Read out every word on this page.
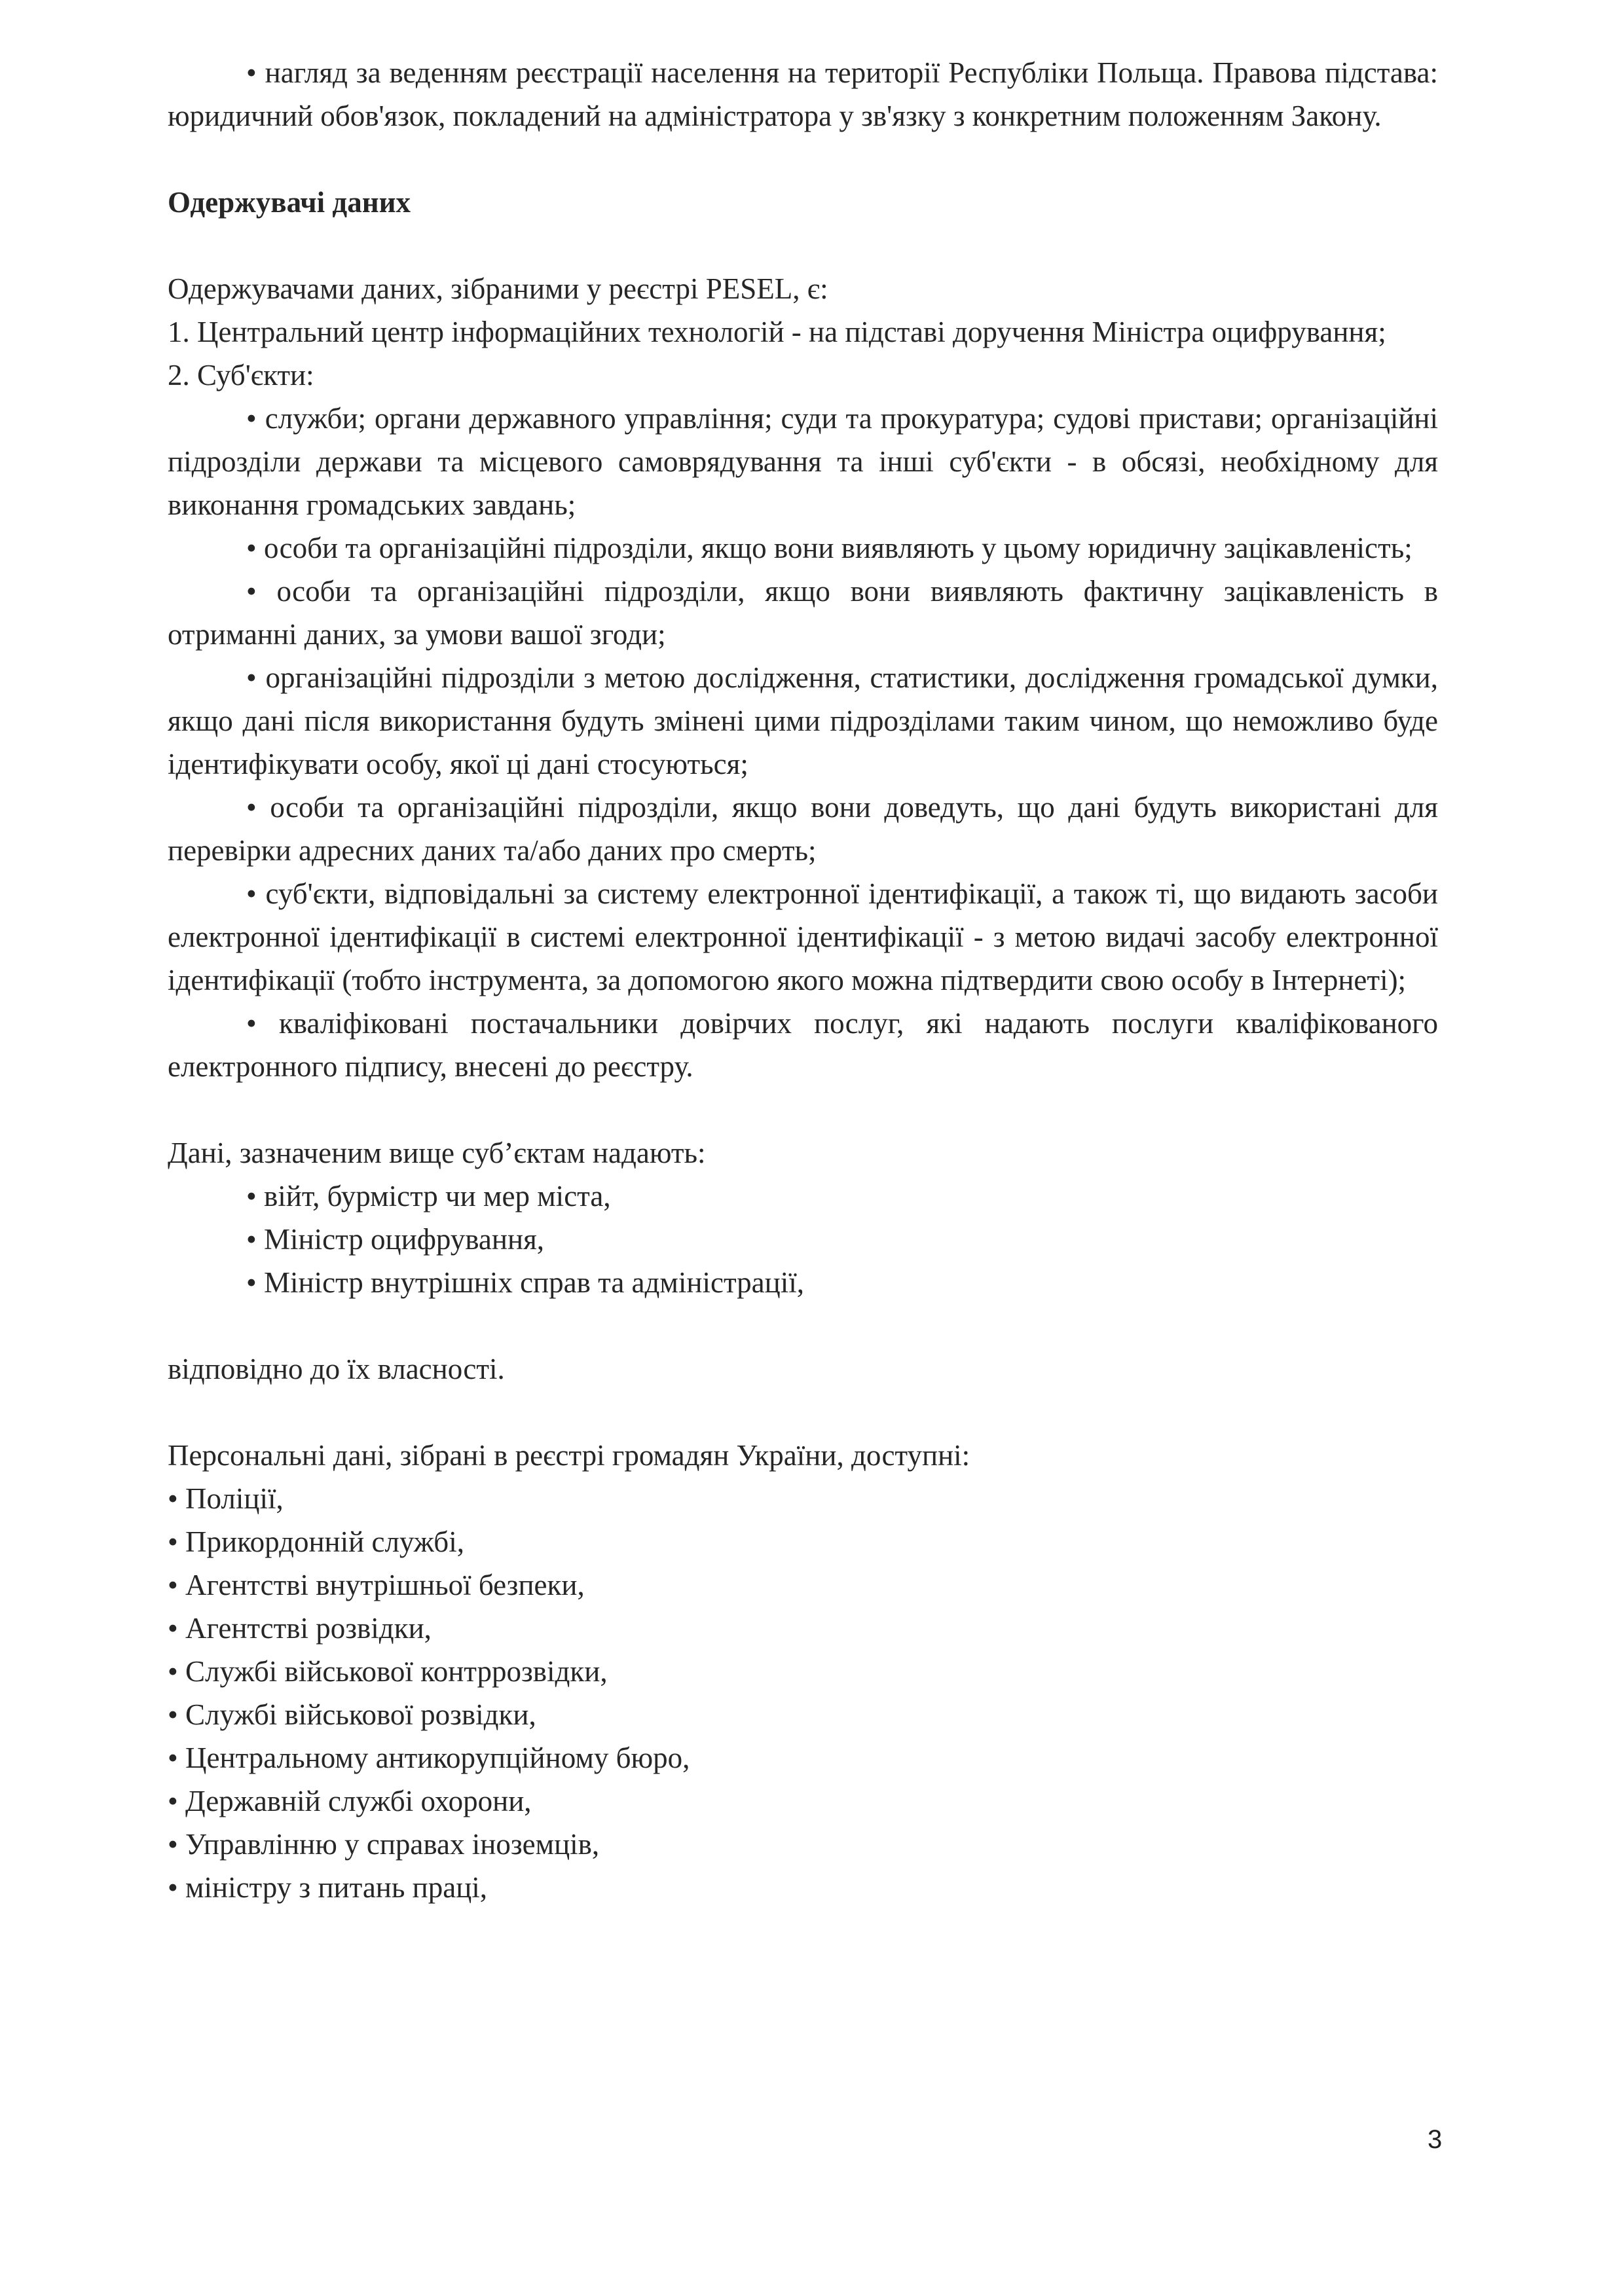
• нагляд за веденням реєстрації населення на території Республіки Польща. Правова підстава: юридичний обов'язок, покладений на адміністратора у зв'язку з конкретним положенням Закону.

Одержувачі даних

Одержувачами даних, зібраними у реєстрі PESEL, є:

1. Центральний центр інформаційних технологій - на підставі доручення Міністра оцифрування;

2. Суб'єкти:

• служби; органи державного управління; суди та прокуратура; судові пристави; організаційні підрозділи держави та місцевого самоврядування та інші суб'єкти - в обсязі, необхідному для виконання громадських завдань;

• особи та організаційні підрозділи, якщо вони виявляють у цьому юридичну зацікавленість;

• особи та організаційні підрозділи, якщо вони виявляють фактичну зацікавленість в отриманні даних, за умови вашої згоди;

• організаційні підрозділи з метою дослідження, статистики, дослідження громадської думки, якщо дані після використання будуть змінені цими підрозділами таким чином, що неможливо буде ідентифікувати особу, якої ці дані стосуються;

• особи та організаційні підрозділи, якщо вони доведуть, що дані будуть використані для перевірки адресних даних та/або даних про смерть;

• суб'єкти, відповідальні за систему електронної ідентифікації, а також ті, що видають засоби електронної ідентифікації в системі електронної ідентифікації - з метою видачі засобу електронної ідентифікації (тобто інструмента, за допомогою якого можна підтвердити свою особу в Інтернеті);

• кваліфіковані постачальники довірчих послуг, які надають послуги кваліфікованого електронного підпису, внесені до реєстру.

Дані, зазначеним вище суб’єктам надають:

• війт, бурмістр чи мер міста,

• Міністр оцифрування,

• Міністр внутрішніх справ та адміністрації,

відповідно до їх власності.

Персональні дані, зібрані в реєстрі громадян України, доступні:

• Поліції,

• Прикордонній службі,

• Агентстві внутрішньої безпеки,

• Агентстві розвідки,

• Службі військової контррозвідки,

• Службі військової розвідки,

• Центральному антикорупційному бюро,

• Державній службі охорони,

• Управлінню у справах іноземців,

• міністру з питань праці,

3
